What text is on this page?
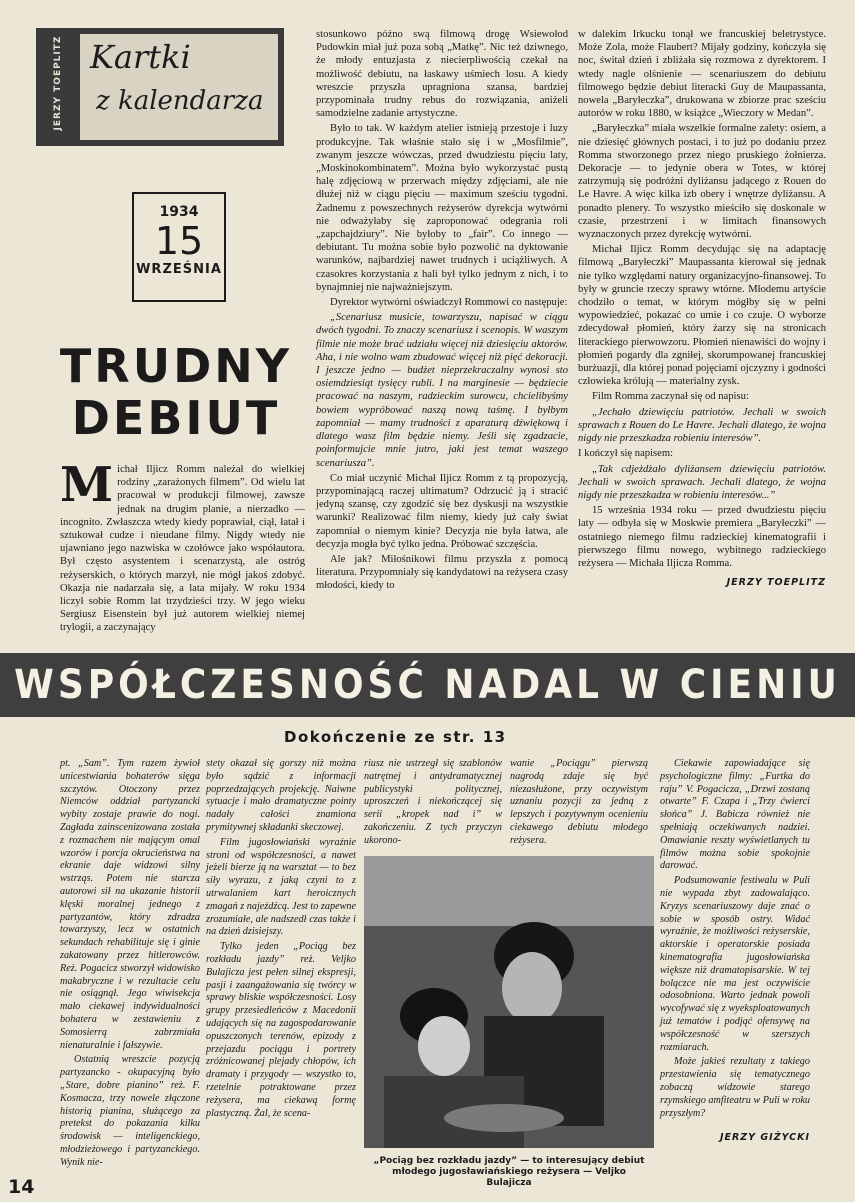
JERZY TOEPLITZ Kartki
z kalendarza
1934
15
WRZEŚNIA
TRUDNY
DEBIUT
M ichał Iljicz Romm należał do wielkiej rodziny „zarażonych filmem”. Od wielu lat pracował w produkcji filmowej, zawsze jednak na drugim planie, a nierzadko — incognito. Zwłaszcza wtedy kiedy poprawiał, ciął, łatał i sztukował cudze i nieudane filmy. Nigdy wtedy nie ujawniano jego nazwiska w czołówce jako współautora. Był często asystentem i scenarzystą, ale ostróg reżyserskich, o których marzył, nie mógł jakoś zdobyć. Okazja nie nadarzała się, a lata mijały. W roku 1934 liczył sobie Romm lat trzydzieści trzy. W jego wieku Sergiusz Eisenstein był już autorem wielkiej niemej trylogii, a zaczynający

stosunkowo późno swą filmową drogę Wsiewołod Pudowkin miał już poza sobą „Matkę”. Nic też dziwnego, że młody entuzjasta z niecierpliwością czekał na możliwość debiutu, na łaskawy uśmiech losu. A kiedy wreszcie przyszła upragniona szansa, bardziej przypominała trudny rebus do rozwiązania, aniżeli samodzielne zadanie artystyczne.

Było to tak. W każdym atelier istnieją przestoje i luzy produkcyjne. Tak właśnie stało się i w „Mosfilmie”, zwanym jeszcze wówczas, przed dwudziestu pięciu laty, „Moskinokombinatem”. Można było wykorzystać pustą halę zdjęciową w przerwach między zdjęciami, ale nie dłużej niż w ciągu pięciu — maximum sześciu tygodni. Żadnemu z powszechnych reżyserów dyrekcja wytwórni nie odważyłaby się zaproponować odegrania roli „zapchajdziury”. Nie byłoby to „fair”. Co innego — debiutant. Tu można sobie było pozwolić na dyktowanie warunków, najbardziej nawet trudnych i uciążliwych. A czasokres korzystania z hali był tylko jednym z nich, i to bynajmniej nie najważniejszym.

Dyrektor wytwórni oświadczył Rommowi co następuje:

„Scenariusz musicie, towarzyszu, napisać w ciągu dwóch tygodni. To znaczy scenariusz i scenopis. W waszym filmie nie może brać udziału więcej niż dziesięciu aktorów. Aha, i nie wolno wam zbudować więcej niż pięć dekoracji. I jeszcze jedno — budżet nieprzekraczalny wynosi sto osiemdziesiąt tysięcy rubli. I na marginesie — będziecie pracować na naszym, radzieckim surowcu, chcielibyśmy bowiem wypróbować naszą nową taśmę. I byłbym zapomniał — mamy trudności z aparaturą dźwiękową i dlatego wasz film będzie niemy. Jeśli się zgadzacie, poinformujcie mnie jutro, jaki jest temat waszego scenariusza”.

Co miał uczynić Michał Iljicz Romm z tą propozycją, przypominającą raczej ultimatum? Odrzucić ją i stracić jedyną szansę, czy zgodzić się bez dyskusji na wszystkie warunki? Realizować film niemy, kiedy już cały świat zapomniał o niemym kinie? Decyzja nie była łatwa, ale decyzja mogła być tylko jedna. Próbować szczęścia.

Ale jak? Miłośnikowi filmu przyszła z pomocą literatura. Przypomniały się kandydatowi na reżysera czasy młodości, kiedy to

w dalekim Irkucku tonął we francuskiej beletrystyce. Może Zola, może Flaubert? Mijały godziny, kończyła się noc, świtał dzień i zbliżała się rozmowa z dyrektorem. I wtedy nagle olśnienie — scenariuszem do debiutu filmowego będzie debiut literacki Guy de Maupassanta, nowela „Baryłeczka”, drukowana w zbiorze prac sześciu autorów w roku 1880, w książce „Wieczory w Medan”.

„Baryłeczka” miała wszelkie formalne zalety: osiem, a nie dziesięć głównych postaci, i to już po dodaniu przez Romma stworzonego przez niego pruskiego żołnierza. Dekoracje — to jedynie obera w Totes, w której zatrzymują się podróżni dyliżansu jadącego z Rouen do Le Havre. A więc kilka izb obery i wnętrze dyliżansu. A ponadto plenery. To wszystko mieściło się doskonale w czasie, przestrzeni i w limitach finansowych wyznaczonych przez dyrekcję wytwórni.

Michał Iljicz Romm decydując się na adaptację filmową „Baryłeczki” Maupassanta kierował się jednak nie tylko względami natury organizacyjno-finansowej. To były w gruncie rzeczy sprawy wtórne. Młodemu artyście chodziło o temat, w którym mógłby się w pełni wypowiedzieć, pokazać co umie i co czuje. O wyborze zdecydował płomień, który żarzy się na stronicach literackiego pierwowzoru. Płomień nienawiści do wojny i płomień pogardy dla zgniłej, skorumpowanej francuskiej burżuazji, dla której ponad pojęciami ojczyzny i godności człowieka królują — materialny zysk.

Film Romma zaczynał się od napisu:

„Jechało dziewięciu patriotów. Jechali w swoich sprawach z Rouen do Le Havre. Jechali dlatego, że wojna nigdy nie przeszkadza robieniu interesów”.

I kończył się napisem:

„Tak cdjeżdżało dyliżansem dziewięciu patriotów. Jechali w swoich sprawach. Jechali dlatego, że wojna nigdy nie przeszkadza w robieniu interesów...”

15 września 1934 roku — przed dwudziestu pięciu laty — odbyła się w Moskwie premiera „Baryłeczki” — ostatniego niemego filmu radzieckiej kinematografii i pierwszego filmu nowego, wybitnego radzieckiego reżysera — Michała Iljicza Romma.

JERZY TOEPLITZ
WSPÓŁCZESNOŚĆ NADAL W CIENIU
Dokończenie ze str. 13

pt. „Sam”. Tym razem żywioł unicestwiania bohaterów sięga szczytów. Otoczony przez Niemców oddział partyzancki wybity zostaje prawie do nogi. Zagłada zainscenizowana została z rozmachem nie mającym omal wzorów i porcja okrucieństwa na ekranie daje widzowi silny wstrząs. Potem nie starcza autorowi sił na ukazanie historii klęski moralnej jednego z partyzantów, który zdradza towarzyszy, lecz w ostatnich sekundach rehabilituje się i ginie zakatowany przez hitlerowców. Reż. Pogacicz stworzył widowisko makabryczne i w rezultacie celu nie osiągnął. Jego wiwisekcja mało ciekawej indywidualności bohatera w zestawieniu z Somosierrą zabrzmiała nienaturalnie i fałszywie.

Ostatnią wreszcie pozycją partyzancko - okupacyjną było „Stare, dobre pianino” reż. F. Kosmacza, trzy nowele złączone historią pianina, służącego za pretekst do pokazania kilku środowisk — inteligenckiego, młodzieżowego i partyzanckiego. Wynik nie-

stety okazał się gorszy niż można było sądzić z informacji poprzedzających projekcję. Naiwne sytuacje i mało dramatyczne pointy nadały całości znamiona prymitywnej składanki skeczowej.

Film jugosłowiański wyraźnie stroni od współczesności, a nawet jeżeli bierze ją na warsztat — to bez siły wyrazu, z jaką czyni to z utrwalaniem kart heroicznych zmagań z najeźdźcą. Jest to zapewne zrozumiałe, ale nadszedł czas także i na dzień dzisiejszy.

Tylko jeden „Pociąg bez rozkładu jazdy” reż. Veljko Bulajicza jest pełen silnej ekspresji, pasji i zaangażowania się twórcy w sprawy bliskie współczesności. Losy grupy przesiedleńców z Macedonii udających się na zagospodarowanie opuszczonych terenów, epizody z przejazdu pociągu i portrety zróżnicowanej plejady chłopów, ich dramaty i przygody — wszystko to, rzetelnie potraktowane przez reżysera, ma ciekawą formę plastyczną. Żal, że scena-

riusz nie ustrzegł się szablonów natrętnej i antydramatycznej publicystyki politycznej, uproszczeń i niekończącej się serii „kropek nad i” w zakończeniu. Z tych przyczyn ukorono-

wanie „Pociągu” pierwszą nagrodą zdaje się być niezasłużone, przy oczywistym uznaniu pozycji za jedną z lepszych i pozytywnym ocenieniu ciekawego debiutu młodego reżysera.

Ciekawie zapowiadające się psychologiczne filmy: „Furtka do raju” V. Pogacicza, „Drzwi zostaną otwarte” F. Czapa i „Trzy ćwierci słońca” J. Babicza również nie spełniają oczekiwanych nadziei. Omawianie reszty wyświetlanych tu filmów można sobie spokojnie darować.

Podsumowanie festiwalu w Puli nie wypada zbyt zadowalająco. Kryzys scenariuszowy daje znać o sobie w sposób ostry. Widać wyraźnie, że możliwości reżyserskie, aktorskie i operatorskie posiada kinematografia jugosłowiańska większe niż dramatopisarskie. W tej bolączce nie ma jest oczywiście odosobniona. Warto jednak powoli wycofywać się z wyeksploatowanych już tematów i podjąć ofensywę na współczesność w szerszych rozmiarach.

Może jakieś rezultaty z takiego przestawienia się tematycznego zobaczą widzowie starego rzymskiego amfiteatru w Puli w roku przyszłym?

JERZY GIŻYCKI
„Pociąg bez rozkładu jazdy” — to interesujący debiut młodego jugosławiańskiego reżysera — Veljko Bulajicza
14
